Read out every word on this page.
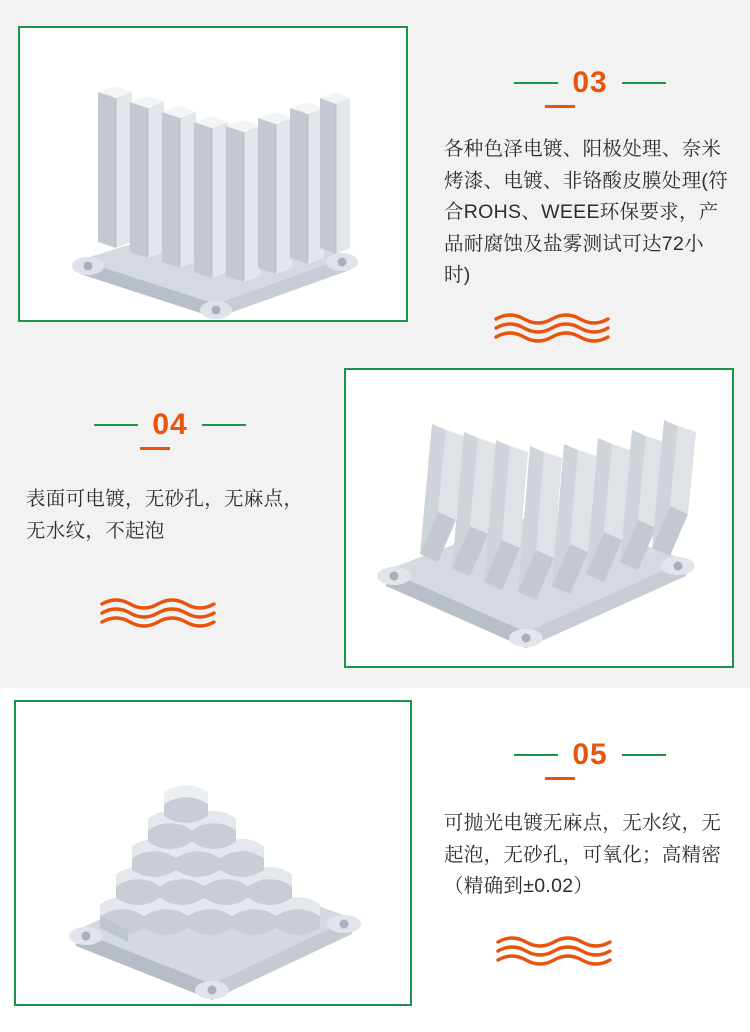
03

各种色泽电镀、阳极处理、奈米烤漆、电镀、非铬酸皮膜处理(符合ROHS、WEEE环保要求，产品耐腐蚀及盐雾测试可达72小时)

04

表面可电镀，无砂孔，无麻点，无水纹，不起泡

05

可抛光电镀无麻点，无水纹，无起泡，无砂孔，可氧化；高精密（精确到±0.02）
